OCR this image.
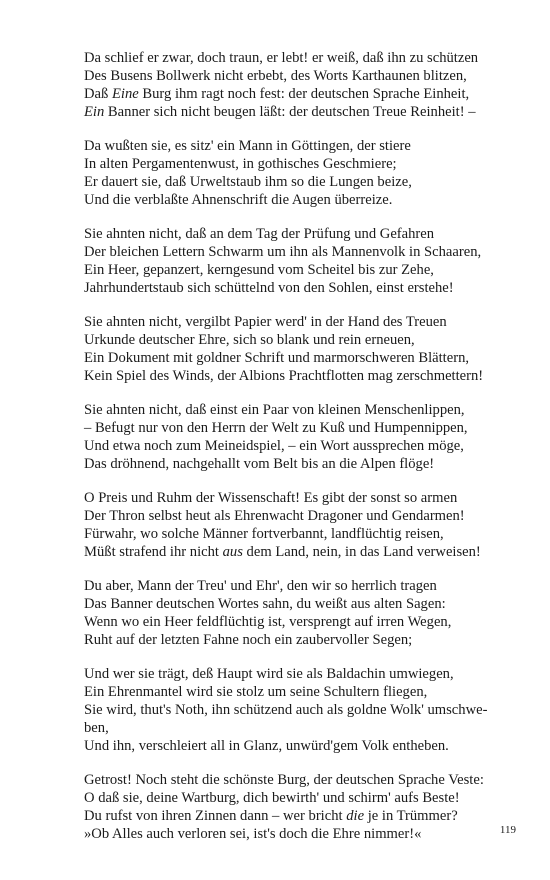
Da schlief er zwar, doch traun, er lebt! er weiß, daß ihn zu schützen
Des Busens Bollwerk nicht erbebt, des Worts Karthaunen blitzen,
Daß Eine Burg ihm ragt noch fest: der deutschen Sprache Einheit,
Ein Banner sich nicht beugen läßt: der deutschen Treue Reinheit! –
Da wußten sie, es sitz' ein Mann in Göttingen, der stiere
In alten Pergamentenwust, in gothisches Geschmiere;
Er dauert sie, daß Urweltstaub ihm so die Lungen beize,
Und die verblaßte Ahnenschrift die Augen überreize.
Sie ahnten nicht, daß an dem Tag der Prüfung und Gefahren
Der bleichen Lettern Schwarm um ihn als Mannenvolk in Schaaren,
Ein Heer, gepanzert, kerngesund vom Scheitel bis zur Zehe,
Jahrhundertstaub sich schüttelnd von den Sohlen, einst erstehe!
Sie ahnten nicht, vergilbt Papier werd' in der Hand des Treuen
Urkunde deutscher Ehre, sich so blank und rein erneuen,
Ein Dokument mit goldner Schrift und marmorschweren Blättern,
Kein Spiel des Winds, der Albions Prachtflotten mag zerschmettern!
Sie ahnten nicht, daß einst ein Paar von kleinen Menschenlippen,
– Befugt nur von den Herrn der Welt zu Kuß und Humpennippen,
Und etwa noch zum Meineidspiel, – ein Wort aussprechen möge,
Das dröhnend, nachgehallt vom Belt bis an die Alpen flöge!
O Preis und Ruhm der Wissenschaft! Es gibt der sonst so armen
Der Thron selbst heut als Ehrenwacht Dragoner und Gendarmen!
Fürwahr, wo solche Männer fortverbannt, landflüchtig reisen,
Müßt strafend ihr nicht aus dem Land, nein, in das Land verweisen!
Du aber, Mann der Treu' und Ehr', den wir so herrlich tragen
Das Banner deutschen Wortes sahn, du weißt aus alten Sagen:
Wenn wo ein Heer feldflüchtig ist, versprengt auf irren Wegen,
Ruht auf der letzten Fahne noch ein zaubervoller Segen;
Und wer sie trägt, deß Haupt wird sie als Baldachin umwiegen,
Ein Ehrenmantel wird sie stolz um seine Schultern fliegen,
Sie wird, thut's Noth, ihn schützend auch als goldne Wolk' umschwe-
ben,
Und ihn, verschleiert all in Glanz, unwürd'gem Volk entheben.
Getrost! Noch steht die schönste Burg, der deutschen Sprache Veste:
O daß sie, deine Wartburg, dich bewirth' und schirm' aufs Beste!
Du rufst von ihren Zinnen dann – wer bricht die je in Trümmer?
»Ob Alles auch verloren sei, ist's doch die Ehre nimmer!«	119
